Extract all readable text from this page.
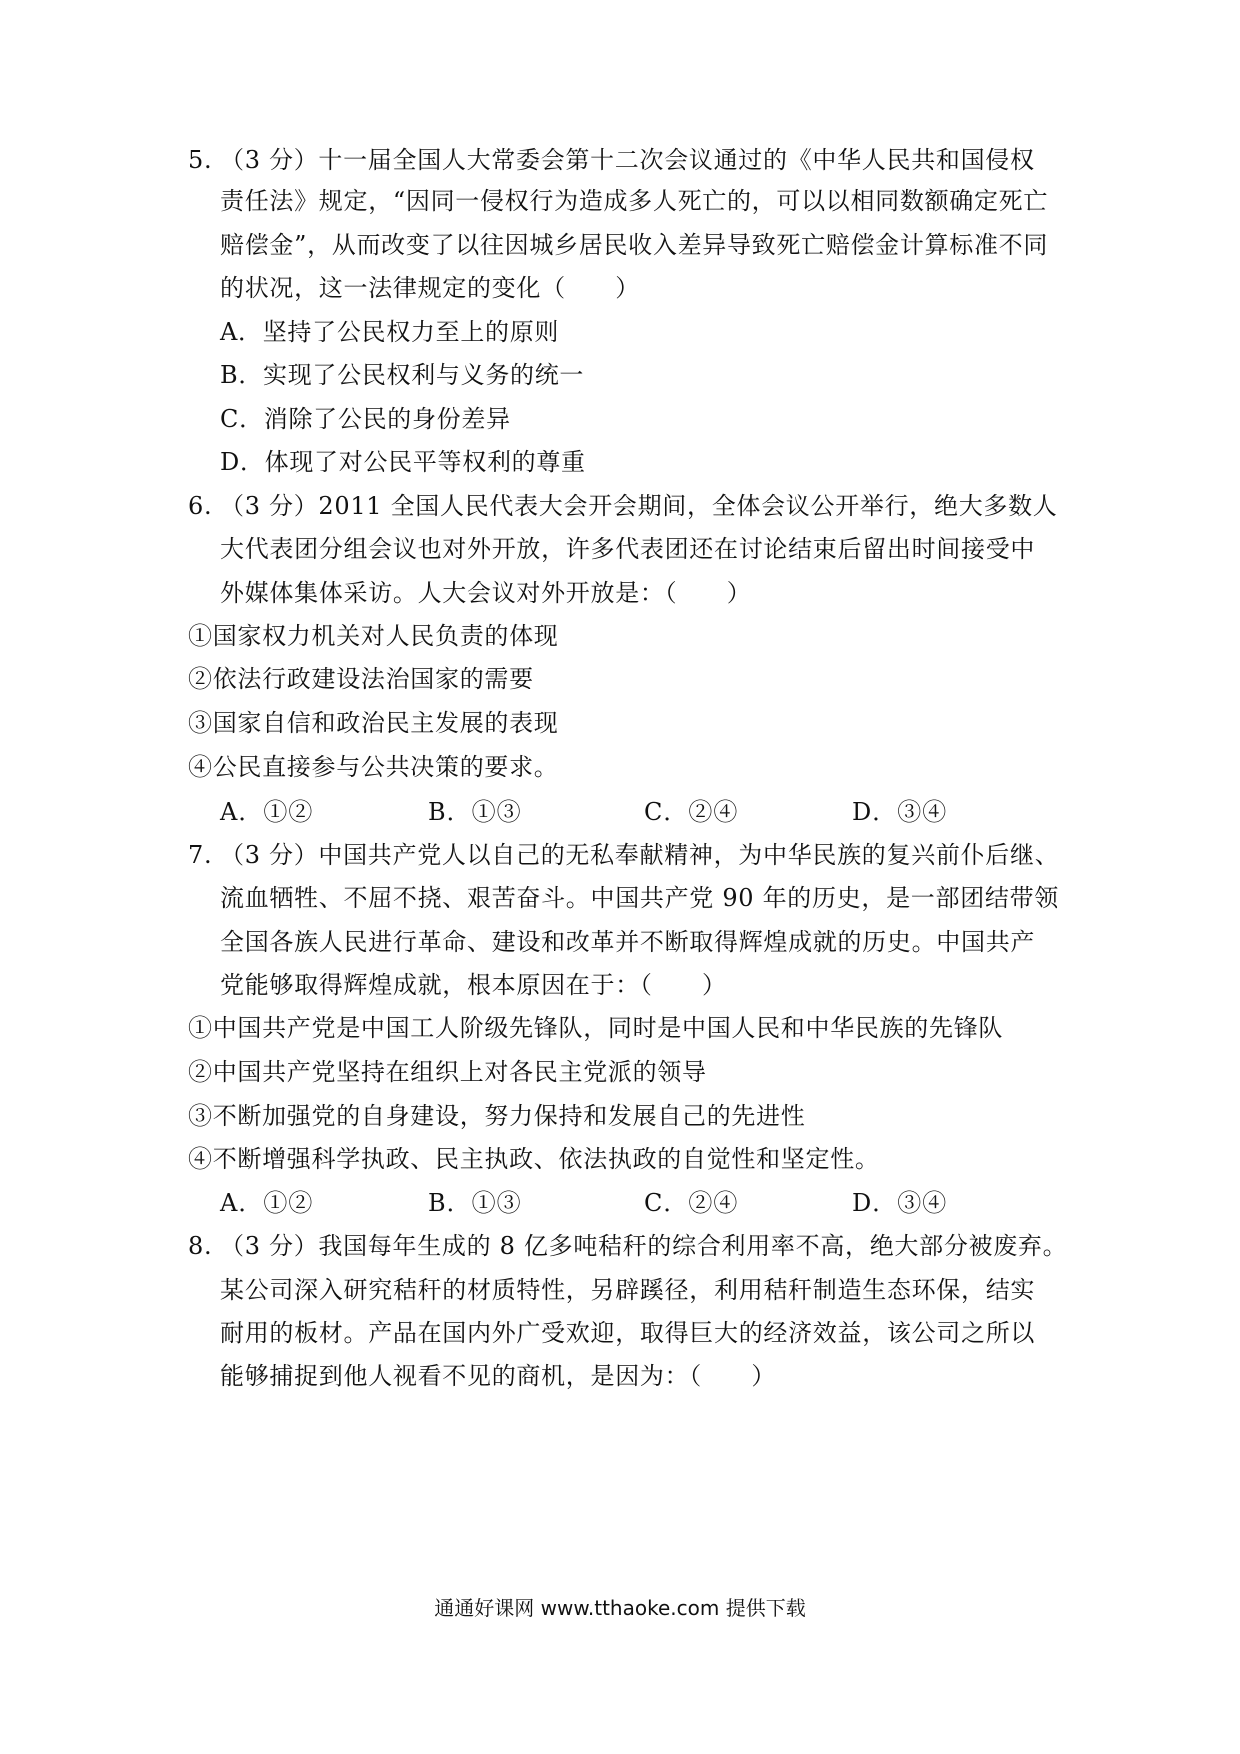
5. （3 分）十一届全国人大常委会第十二次会议通过的《中华人民共和国侵权
责任法》规定，“因同一侵权行为造成多人死亡的，可以以相同数额确定死亡
赔偿金”，从而改变了以往因城乡居民收入差异导致死亡赔偿金计算标准不同
的状况，这一法律规定的变化（　　）
A．坚持了公民权力至上的原则
B．实现了公民权利与义务的统一
C．消除了公民的身份差异
D．体现了对公民平等权利的尊重
6. （3 分）2011 全国人民代表大会开会期间，全体会议公开举行，绝大多数人
大代表团分组会议也对外开放，许多代表团还在讨论结束后留出时间接受中
外媒体集体采访。人大会议对外开放是：（　　）
①国家权力机关对人民负责的体现
②依法行政建设法治国家的需要
③国家自信和政治民主发展的表现
④公民直接参与公共决策的要求。
A．①②	B．①③	C．②④	D．③④
7. （3 分）中国共产党人以自己的无私奉献精神，为中华民族的复兴前仆后继、
流血牺牲、不屈不挠、艰苦奋斗。中国共产党 90 年的历史，是一部团结带领
全国各族人民进行革命、建设和改革并不断取得辉煌成就的历史。中国共产
党能够取得辉煌成就，根本原因在于：（　　）
①中国共产党是中国工人阶级先锋队，同时是中国人民和中华民族的先锋队
②中国共产党坚持在组织上对各民主党派的领导
③不断加强党的自身建设，努力保持和发展自己的先进性
④不断增强科学执政、民主执政、依法执政的自觉性和坚定性。
A．①②	B．①③	C．②④	D．③④
8. （3 分）我国每年生成的 8 亿多吨秸秆的综合利用率不高，绝大部分被废弃。
某公司深入研究秸秆的材质特性，另辟蹊径，利用秸秆制造生态环保，结实
耐用的板材。产品在国内外广受欢迎，取得巨大的经济效益，该公司之所以
能够捕捉到他人视看不见的商机，是因为：（　　）
通通好课网 www.tthaoke.com 提供下载
